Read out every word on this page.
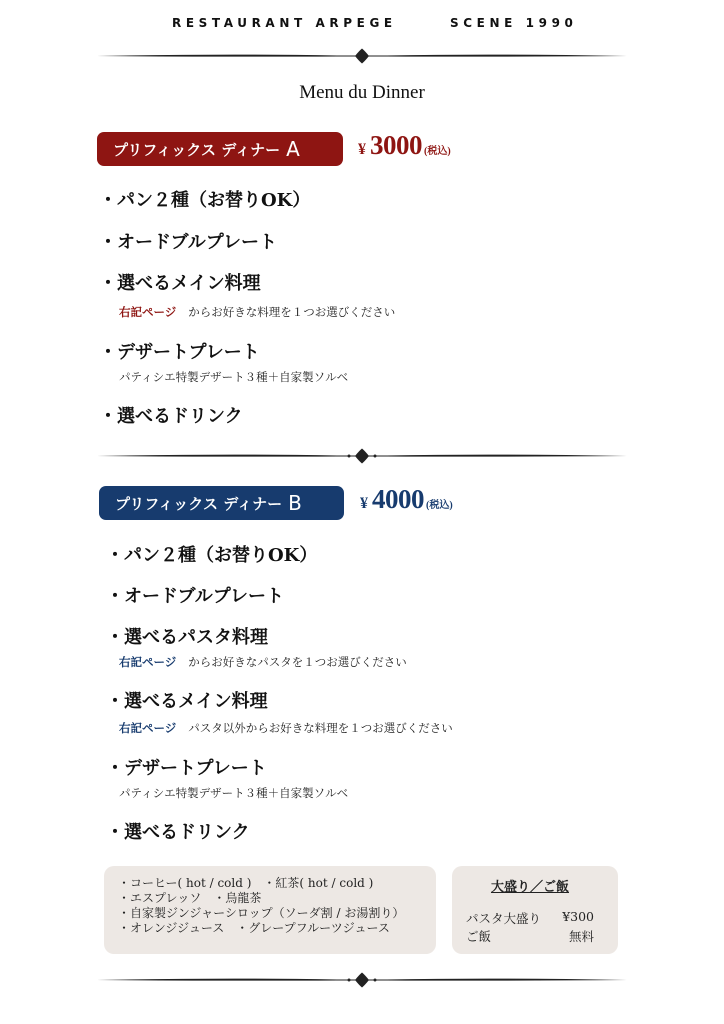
RESTAURANT ARPEGE	SCENE 1990
Menu du Dinner
プリフィックス ディナー A	¥ 3000 (税込)
・パン２種（お替りOK）
・オードブルプレート
・選べるメイン料理
右記ページ からお好きな料理を１つお選びください
・デザートプレート
パティシエ特製デザート３種＋自家製ソルベ
・選べるドリンク
プリフィックス ディナー B	¥ 4000 (税込)
・パン２種（お替りOK）
・オードブルプレート
・選べるパスタ料理
右記ページ からお好きなパスタを１つお選びください
・選べるメイン料理
右記ページ パスタ以外からお好きな料理を１つお選びください
・デザートプレート
パティシエ特製デザート３種＋自家製ソルベ
・選べるドリンク
・コーヒー( hot / cold )　・紅茶( hot / cold )
・エスプレッソ　・烏龍茶
・自家製ジンジャーシロップ（ソーダ割 / お湯割り）
・オレンジジュース　・グレープフルーツジュース
大盛り／ご飯
パスタ大盛り ¥300
ご飯	無料
